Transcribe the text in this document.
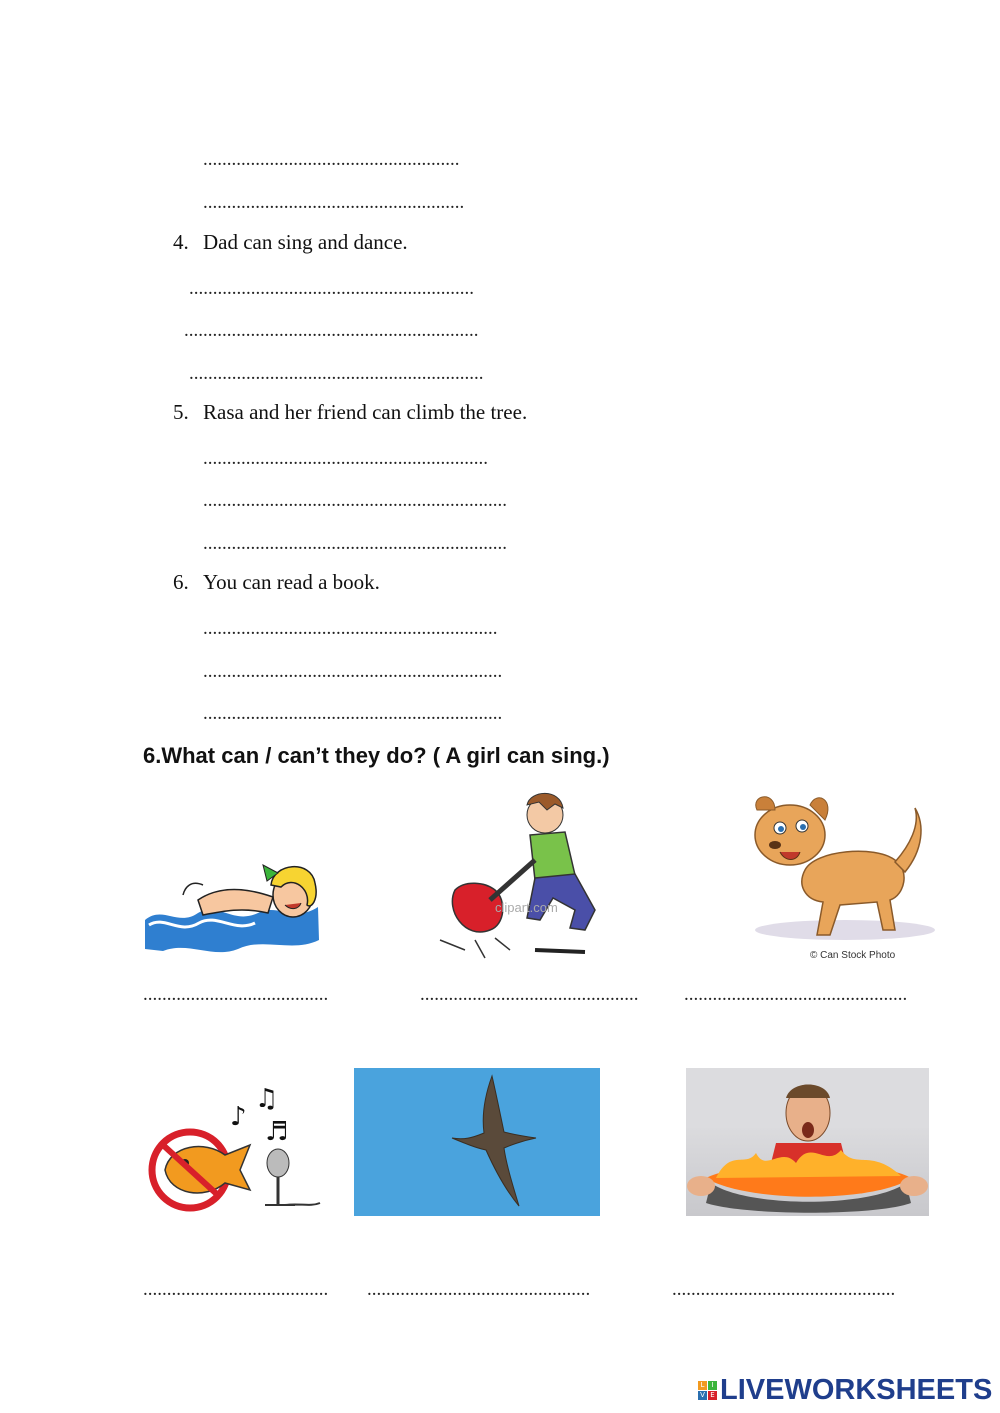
......................................................
.......................................................
4. Dad can sing and dance.
............................................................
..............................................................
..............................................................
5. Rasa and her friend can climb the tree.
............................................................
................................................................
................................................................
6. You can read a book.
..............................................................
...............................................................
...............................................................
6.What can / can’t they do? ( A girl can sing.)
clipart.com
© Can Stock Photo
.......................................	.............................................. ...............................................
♪
♫
♬
....................................... ...............................................	...............................................
L	I
V E LIVEWORKSHEETS
